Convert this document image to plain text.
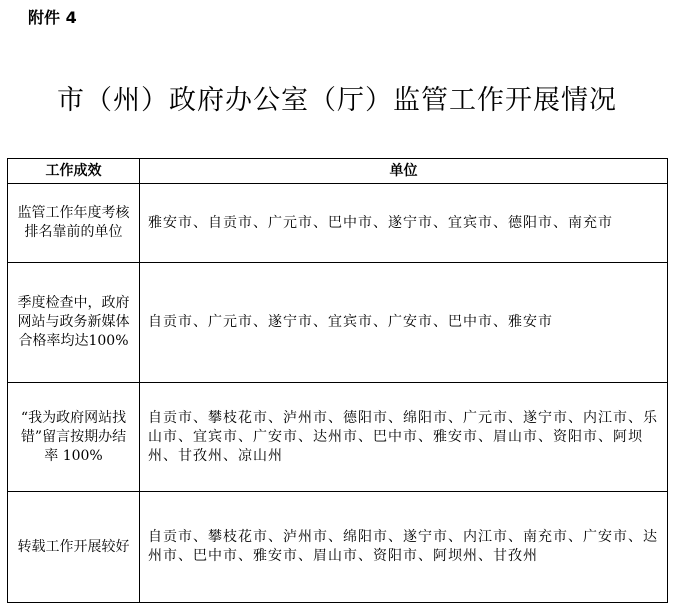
附件 4
市（州）政府办公室（厅）监管工作开展情况
工作成效	单位
监管工作年度考核排名靠前的单位	雅安市、自贡市、广元市、巴中市、遂宁市、宜宾市、德阳市、南充市
季度检查中，政府网站与政务新媒体合格率均达100%	自贡市、广元市、遂宁市、宜宾市、广安市、巴中市、雅安市
“我为政府网站找错”留言按期办结率 100%	自贡市、攀枝花市、泸州市、德阳市、绵阳市、广元市、遂宁市、内江市、乐山市、宜宾市、广安市、达州市、巴中市、雅安市、眉山市、资阳市、阿坝州、甘孜州、凉山州
转载工作开展较好	自贡市、攀枝花市、泸州市、绵阳市、遂宁市、内江市、南充市、广安市、达州市、巴中市、雅安市、眉山市、资阳市、阿坝州、甘孜州
